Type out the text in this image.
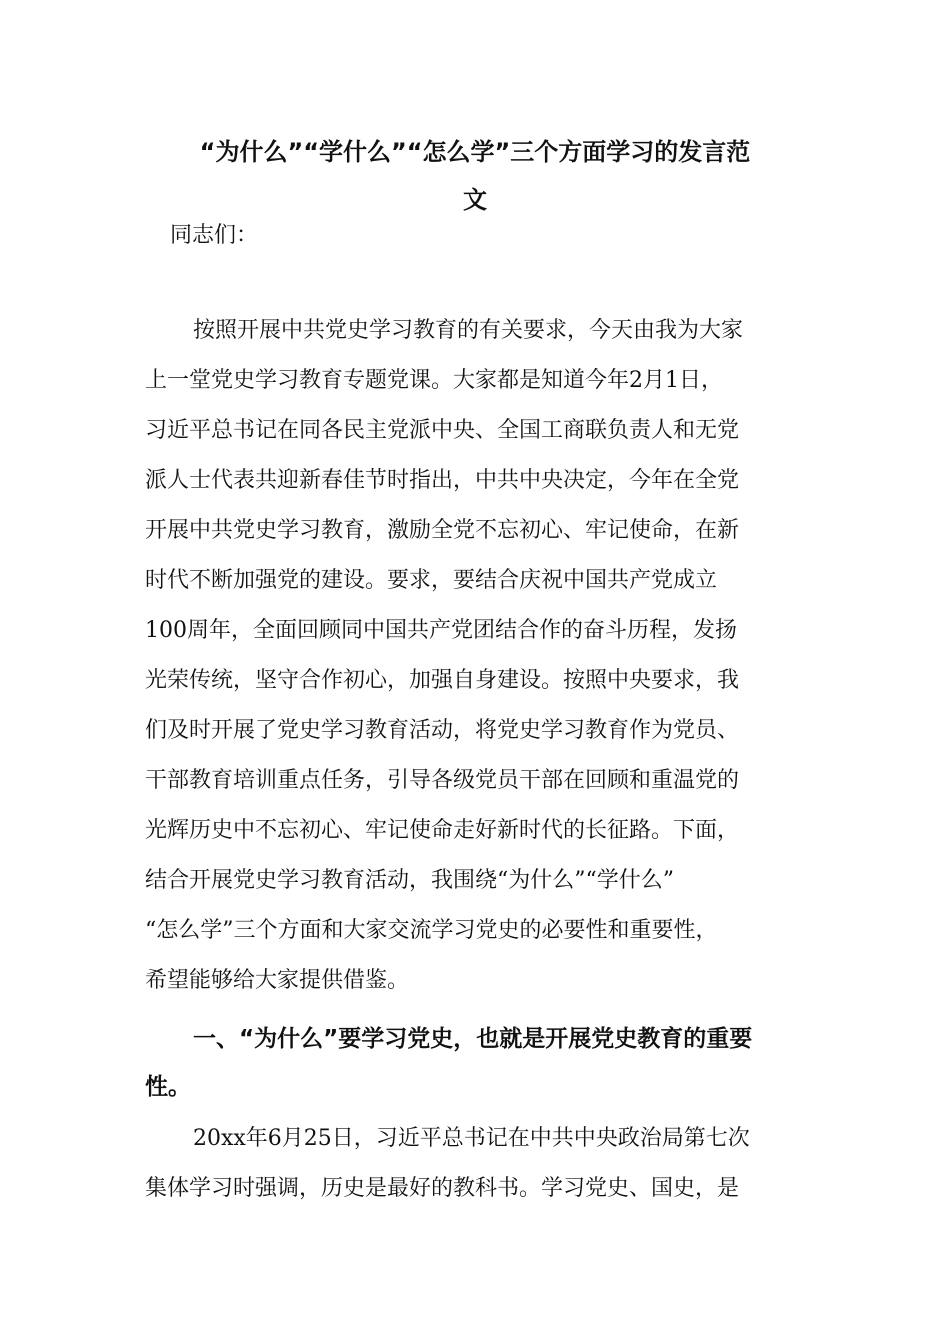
“为什么”“学什么”“怎么学”三个方面学习的发言范
文

同志们：

按照开展中共党史学习教育的有关要求，今天由我为大家
上一堂党史学习教育专题党课。大家都是知道今年2月1日，
习近平总书记在同各民主党派中央、全国工商联负责人和无党
派人士代表共迎新春佳节时指出，中共中央决定，今年在全党
开展中共党史学习教育，激励全党不忘初心、牢记使命，在新
时代不断加强党的建设。要求，要结合庆祝中国共产党成立
100周年，全面回顾同中国共产党团结合作的奋斗历程，发扬
光荣传统，坚守合作初心，加强自身建设。按照中央要求，我
们及时开展了党史学习教育活动，将党史学习教育作为党员、
干部教育培训重点任务，引导各级党员干部在回顾和重温党的
光辉历史中不忘初心、牢记使命走好新时代的长征路。下面，
结合开展党史学习教育活动，我围绕“为什么”“学什么”
“怎么学”三个方面和大家交流学习党史的必要性和重要性，
希望能够给大家提供借鉴。
一、“为什么”要学习党史，也就是开展党史教育的重要
性。
20xx年6月25日，习近平总书记在中共中央政治局第七次
集体学习时强调，历史是最好的教科书。学习党史、国史，是
